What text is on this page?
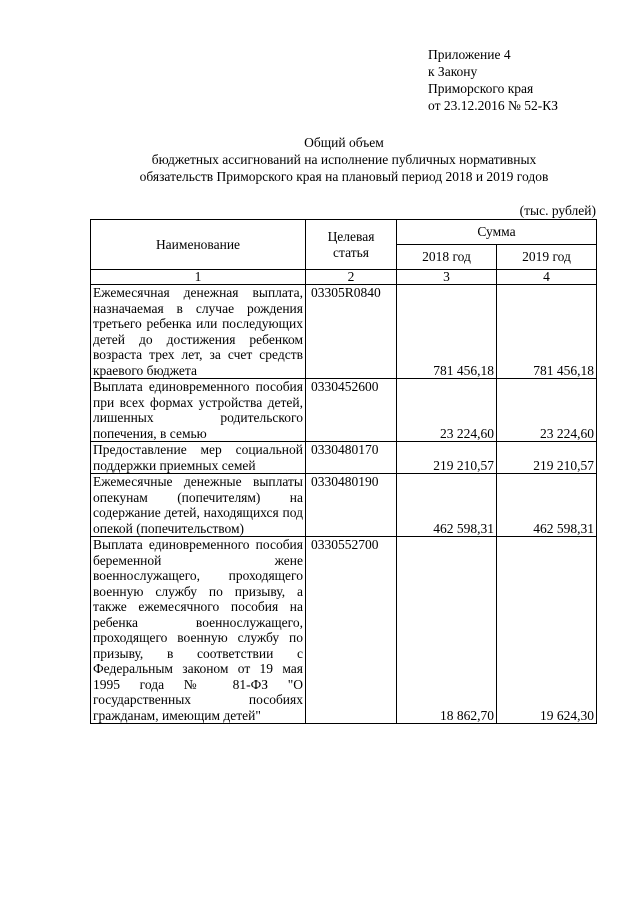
Приложение 4
к Закону
Приморского края
от 23.12.2016 № 52-КЗ
Общий объем
бюджетных ассигнований на исполнение публичных нормативных
обязательств Приморского края на плановый период 2018 и 2019 годов
(тыс. рублей)
Наименование	Целевая статья	Сумма	
		2018 год	2019 год
1	2	3	4
Ежемесячная денежная выплата, назначаемая в случае рождения третьего ребенка или последующих детей до достижения ребенком возраста трех лет, за счет средств краевого бюджета	03305R0840	781 456,18	781 456,18
Выплата единовременного пособия при всех формах устройства детей, лишенных родительского попечения, в семью	0330452600	23 224,60	23 224,60
Предоставление мер социальной поддержки приемных семей	0330480170	219 210,57	219 210,57
Ежемесячные денежные выплаты опекунам (попечителям) на содержание детей, находящихся под опекой (попечительством)	0330480190	462 598,31	462 598,31
Выплата единовременного пособия беременной жене военнослужащего, проходящего военную службу по призыву, а также ежемесячного пособия на ребенка военнослужащего, проходящего военную службу по призыву, в соответствии с Федеральным законом от 19 мая 1995 года № 81-ФЗ "О государственных пособиях гражданам, имеющим детей"	0330552700	18 862,70	19 624,30
